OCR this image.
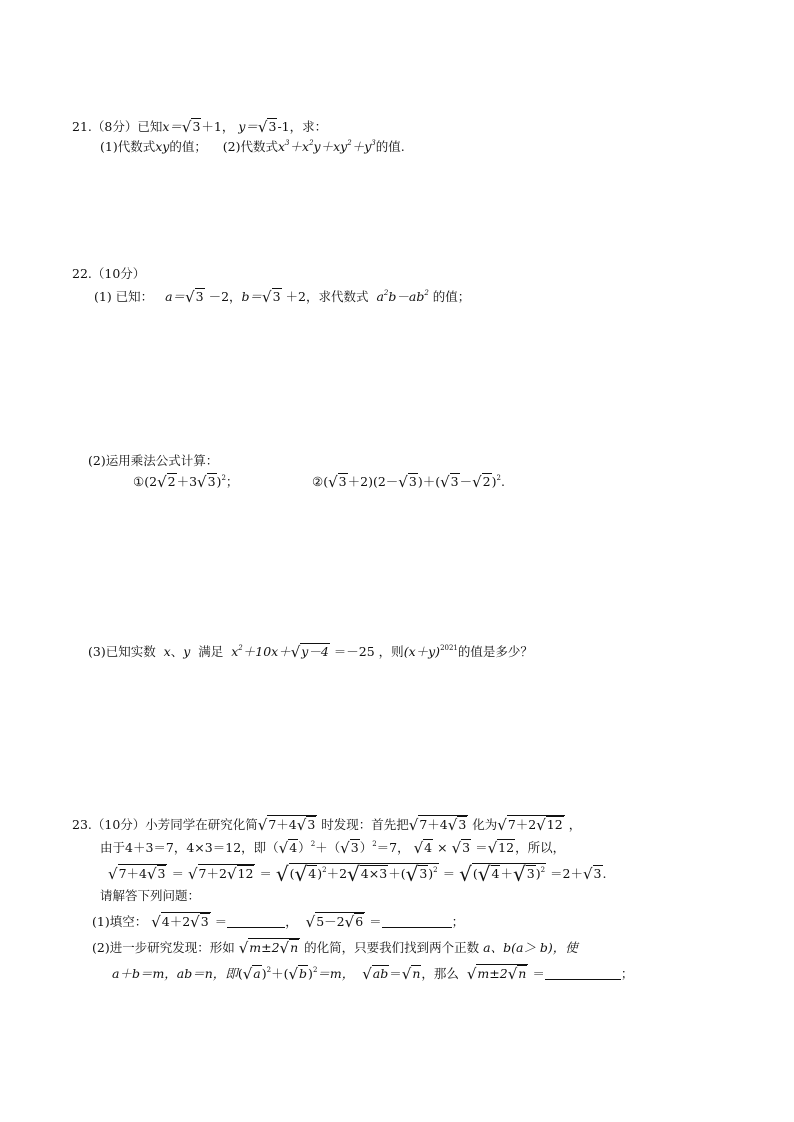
21.（8分）已知x＝√3＋1， y＝√3-1，求：
(1)代数式xy的值； (2)代数式$x^3+x^2y+xy^2+y^3$的值.
22.（10分）
(1) 已知： a＝√3 －2，b＝√3 ＋2，求代数式 $a^2b-ab^2$ 的值；
(2)运用乘法公式计算：
$①(2√2+3√3)^2$；	$②(√3+2)(2-√3)+(√3-√2)^2$.
(3)已知实数 x、y 满足 $x^2+10x+√y-4 =-25$ ，则$(x+y)^{2021}$的值是多少？
23.（10分）小芳同学在研究化简√7＋4√3 时发现：首先把√7＋4√3 化为√7＋2√12 ，
由于4＋3＝7，4×3＝12，即$(√4)^2+(√3)^2=7$， √4 × √3 ＝√12，所以，
$√7+4√3 = √7+2√12 = √(√4)^2+2√4\times 3+(√3)^2 = √(√4+√3)^2 =2+√3$.
请解答下列问题：
(1)填空： √4＋2√3 ＝	， √5－2√6 ＝	；
(2)进一步研究发现：形如 √m±2√n 的化简，只要我们找到两个正数 a、b(a＞ b)，使
a＋b＝m，ab＝n，即$(√a)^2+(√b)^2=m$， √ab＝√n，那么 √m±2√n ＝	；
